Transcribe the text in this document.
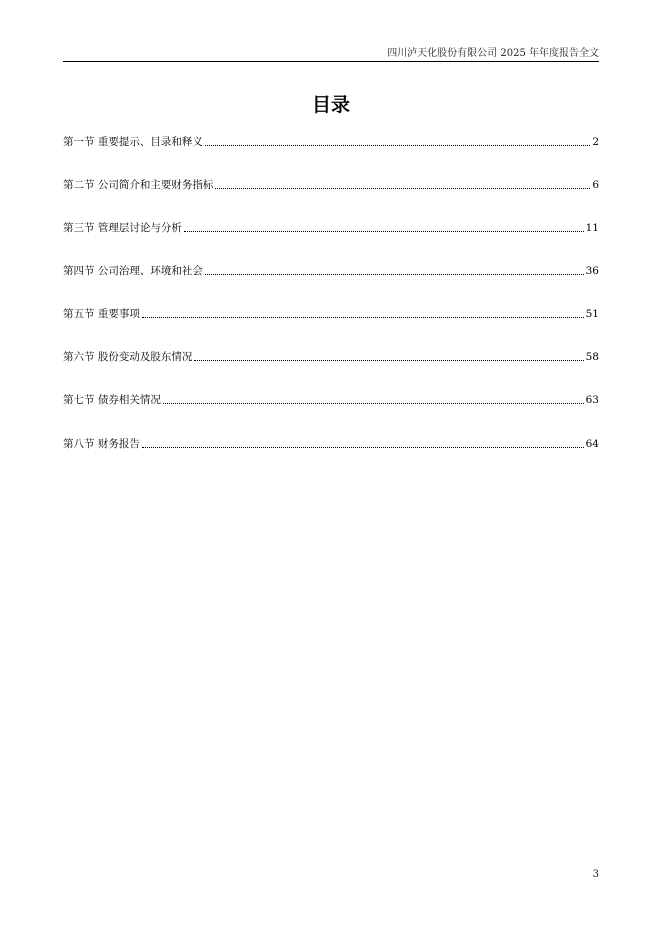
四川泸天化股份有限公司 2025 年年度报告全文
目录
第一节 重要提示、目录和释义	2
第二节 公司简介和主要财务指标	6
第三节 管理层讨论与分析	11
第四节 公司治理、环境和社会	36
第五节 重要事项	51
第六节 股份变动及股东情况	58
第七节 债券相关情况	63
第八节 财务报告	64
3
